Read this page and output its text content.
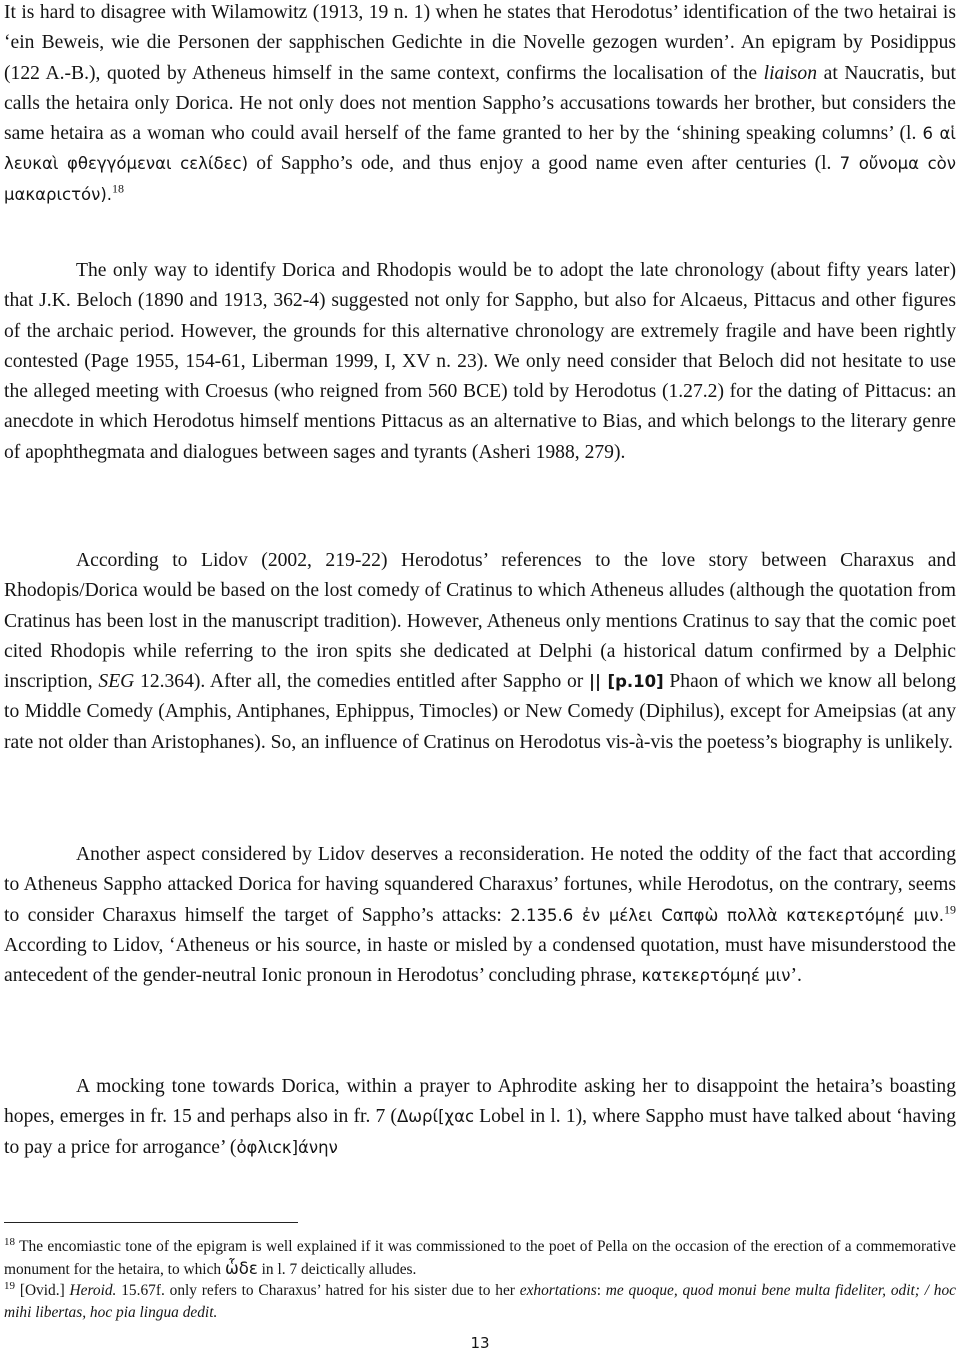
It is hard to disagree with Wilamowitz (1913, 19 n. 1) when he states that Herodotus’ identification of the two hetairai is ‘ein Beweis, wie die Personen der sapphischen Gedichte in die Novelle gezogen wurden’. An epigram by Posidippus (122 A.-B.), quoted by Atheneus himself in the same context, confirms the localisation of the liaison at Naucratis, but calls the hetaira only Dorica. He not only does not mention Sappho’s accusations towards her brother, but considers the same hetaira as a woman who could avail herself of the fame granted to her by the ‘shining speaking columns’ (l. 6 αἱ λευκαὶ φθεγγόμεναι cελίδεc) of Sappho’s ode, and thus enjoy a good name even after centuries (l. 7 οὔνομα cὸν μακαριcτόν).$^{18}$

The only way to identify Dorica and Rhodopis would be to adopt the late chronology (about fifty years later) that J.K. Beloch (1890 and 1913, 362-4) suggested not only for Sappho, but also for Alcaeus, Pittacus and other figures of the archaic period. However, the grounds for this alternative chronology are extremely fragile and have been rightly contested (Page 1955, 154-61, Liberman 1999, I, XV n. 23). We only need consider that Beloch did not hesitate to use the alleged meeting with Croesus (who reigned from 560 BCE) told by Herodotus (1.27.2) for the dating of Pittacus: an anecdote in which Herodotus himself mentions Pittacus as an alternative to Bias, and which belongs to the literary genre of apophthegmata and dialogues between sages and tyrants (Asheri 1988, 279).

According to Lidov (2002, 219-22) Herodotus’ references to the love story between Charaxus and Rhodopis/Dorica would be based on the lost comedy of Cratinus to which Atheneus alludes (although the quotation from Cratinus has been lost in the manuscript tradition). However, Atheneus only mentions Cratinus to say that the comic poet cited Rhodopis while referring to the iron spits she dedicated at Delphi (a historical datum confirmed by a Delphic inscription, SEG 12.364). After all, the comedies entitled after Sappho or || [p.10] Phaon of which we know all belong to Middle Comedy (Amphis, Antiphanes, Ephippus, Timocles) or New Comedy (Diphilus), except for Ameipsias (at any rate not older than Aristophanes). So, an influence of Cratinus on Herodotus vis-à-vis the poetess’s biography is unlikely.

Another aspect considered by Lidov deserves a reconsideration. He noted the oddity of the fact that according to Atheneus Sappho attacked Dorica for having squandered Charaxus’ fortunes, while Herodotus, on the contrary, seems to consider Charaxus himself the target of Sappho’s attacks: 2.135.6 ἐν μέλει Cαπφὼ πολλὰ κατεκερτόμηέ μιν.$^{19}$ According to Lidov, ‘Atheneus or his source, in haste or misled by a condensed quotation, must have misunderstood the antecedent of the gender-neutral Ionic pronoun in Herodotus’ concluding phrase, κατεκερτόμηέ μιν’.

A mocking tone towards Dorica, within a prayer to Aphrodite asking her to disappoint the hetaira’s boasting hopes, emerges in fr. 15 and perhaps also in fr. 7 (Δωρί[χαc Lobel in l. 1), where Sappho must have talked about ‘having to pay a price for arrogance’ (ὀφλιcκ]άνην

$^{18}$ The encomiastic tone of the epigram is well explained if it was commissioned to the poet of Pella on the occasion of the erection of a commemorative monument for the hetaira, to which ὧδε in l. 7 deictically alludes.

$^{19}$ [Ovid.] Heroid. 15.67f. only refers to Charaxus’ hatred for his sister due to her exhortations: me quoque, quod monui bene multa fideliter, odit; / hoc mihi libertas, hoc pia lingua dedit.

13
